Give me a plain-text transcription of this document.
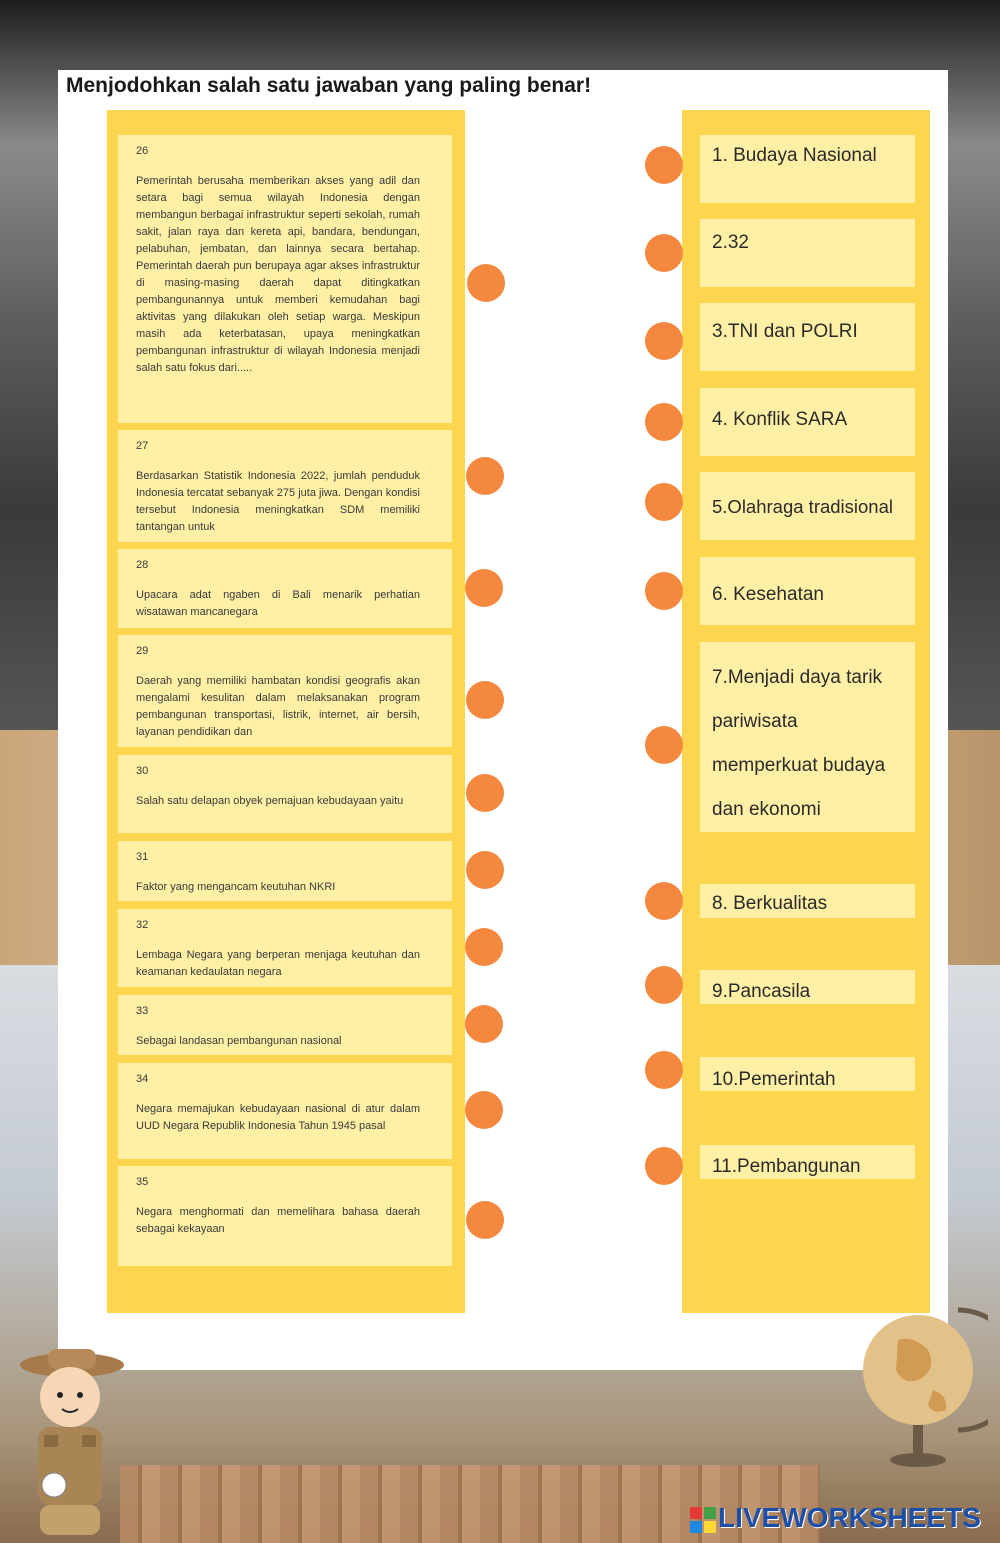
Menjodohkan salah satu jawaban yang paling benar!
26
Pemerintah berusaha memberikan akses yang adil dan setara bagi semua wilayah Indonesia dengan membangun berbagai infrastruktur seperti sekolah, rumah sakit, jalan raya dan kereta api, bandara, bendungan, pelabuhan, jembatan, dan lainnya secara bertahap. Pemerintah daerah pun berupaya agar akses infrastruktur di masing-masing daerah dapat ditingkatkan pembangunannya untuk memberi kemudahan bagi aktivitas yang dilakukan oleh setiap warga. Meskipun masih ada keterbatasan, upaya meningkatkan pembangunan infrastruktur di wilayah Indonesia menjadi salah satu fokus dari.....
27
Berdasarkan Statistik Indonesia 2022, jumlah penduduk Indonesia tercatat sebanyak 275 juta jiwa. Dengan kondisi tersebut Indonesia meningkatkan SDM memiliki tantangan untuk
28
Upacara adat ngaben di Bali menarik perhatian wisatawan mancanegara
29
Daerah yang memiliki hambatan kondisi geografis akan mengalami kesulitan dalam melaksanakan program pembangunan transportasi, listrik, internet, air bersih, layanan pendidikan dan
30
Salah satu delapan obyek pemajuan kebudayaan yaitu
31
Faktor yang mengancam keutuhan NKRI
32
Lembaga Negara yang berperan menjaga keutuhan dan keamanan kedaulatan negara
33
Sebagai landasan pembangunan nasional
34
Negara memajukan kebudayaan nasional di atur dalam UUD Negara Republik Indonesia Tahun 1945 pasal
35
Negara menghormati dan memelihara bahasa daerah sebagai kekayaan
1. Budaya Nasional
2.32
3.TNI dan POLRI
4. Konflik SARA
5.Olahraga tradisional
6. Kesehatan
7.Menjadi daya tarik pariwisata memperkuat budaya dan ekonomi
8. Berkualitas
9.Pancasila
10.Pemerintah
11.Pembangunan
LIVEWORKSHEETS
